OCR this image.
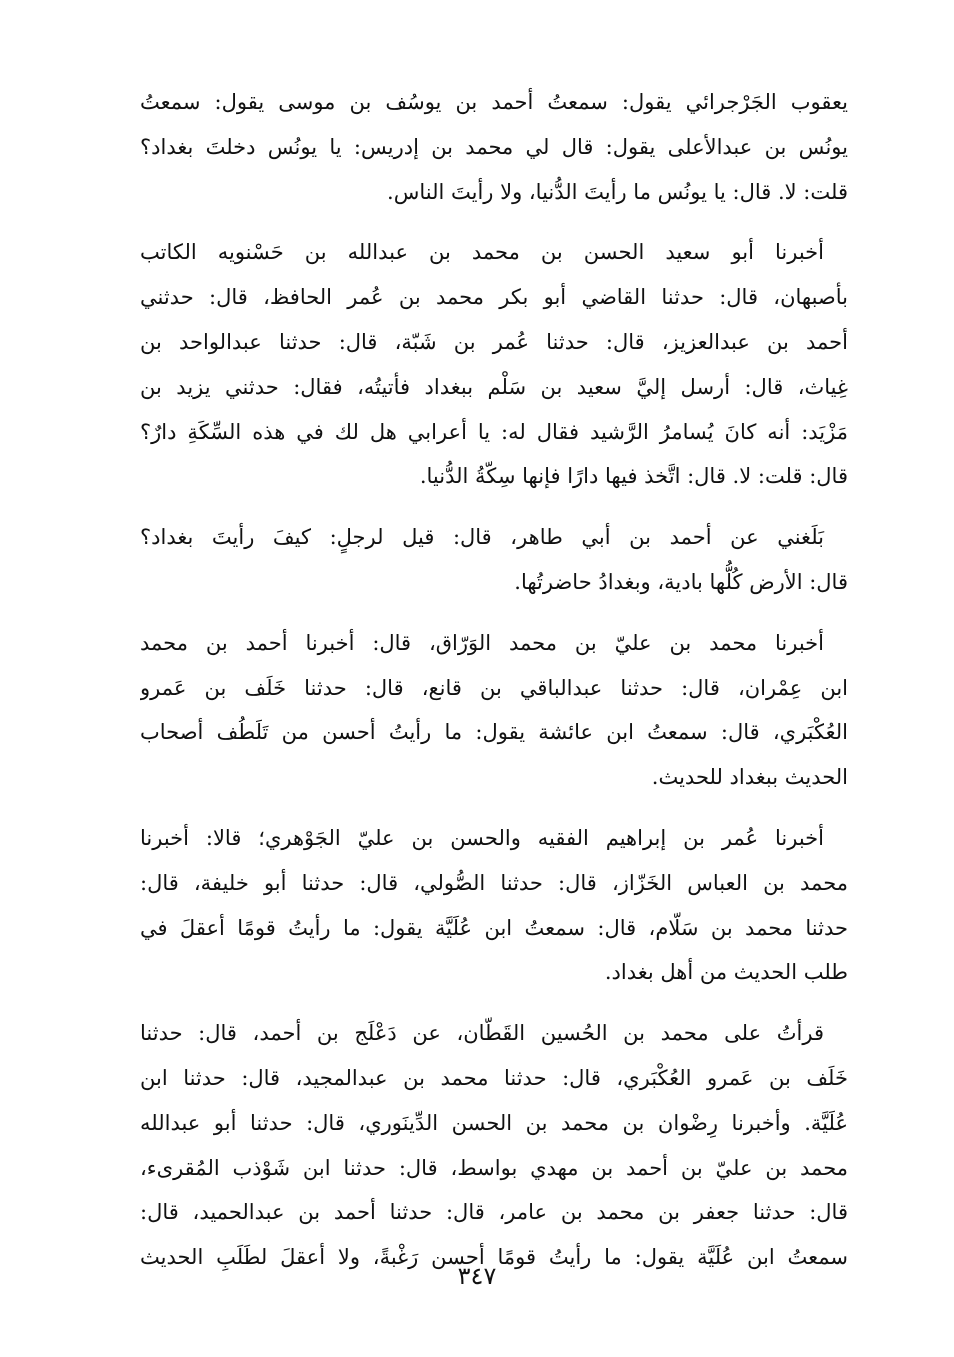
يعقوب الجَرْجرائي يقول: سمعتُ أحمد بن يوسُف بن موسى يقول: سمعتُ
يونُس بن عبدالأعلى يقول: قال لي محمد بن إدريس: يا يونُس دخلتَ بغداد؟
قلت: لا. قال: يا يونُس ما رأيتَ الدُّنيا، ولا رأيتَ الناس.
أخبرنا أبو سعيد الحسن بن محمد بن عبدالله بن حَسْنويه الكاتب
بأصبهان، قال: حدثنا القاضي أبو بكر محمد بن عُمر الحافظ، قال: حدثني
أحمد بن عبدالعزيز، قال: حدثنا عُمر بن شَبّة، قال: حدثنا عبدالواحد بن
غِياث، قال: أرسل إليَّ سعيد بن سَلْم ببغداد فأتيتُه، فقال: حدثني يزيد بن
مَزْيَد: أنه كانَ يُسامرُ الرَّشيد فقال له: يا أعرابي هل لك في هذه السِّكَةِ دارٌ؟
قال: قلت: لا. قال: اتَّخذ فيها دارًا فإنها سِكّةُ الدُّنيا.
بَلَغني عن أحمد بن أبي طاهر، قال: قيل لرجلٍ: كيفَ رأيتَ بغداد؟
قال: الأرض كُلُّها بادية، وبغدادُ حاضرتُها.
أخبرنا محمد بن عليّ بن محمد الوَرّاق، قال: أخبرنا أحمد بن محمد
ابن عِمْران، قال: حدثنا عبدالباقي بن قانع، قال: حدثنا خَلَف بن عَمرو
العُكْبَري، قال: سمعتُ ابن عائشة يقول: ما رأيتُ أحسن من تَلَطُف أصحاب
الحديث ببغداد للحديث.
أخبرنا عُمر بن إبراهيم الفقيه والحسن بن عليّ الجَوْهري؛ قالا: أخبرنا
محمد بن العباس الخَزّاز، قال: حدثنا الصُّولي، قال: حدثنا أبو خليفة، قال:
حدثنا محمد بن سَلّام، قال: سمعتُ ابن عُلَيَّة يقول: ما رأيتُ قومًا أعقلَ في
طلب الحديث من أهل بغداد.
قرأتُ على محمد بن الحُسين القَطّان، عن دَعْلَج بن أحمد، قال: حدثنا
خَلَف بن عَمرو العُكْبَري، قال: حدثنا محمد بن عبدالمجيد، قال: حدثنا ابن
عُلَيَّة. وأخبرنا رِضْوان بن محمد بن الحسن الدِّينَوري، قال: حدثنا أبو عبدالله
محمد بن عليّ بن أحمد بن مهدي بواسط، قال: حدثنا ابن شَوْذب المُقرىء،
قال: حدثنا جعفر بن محمد بن عامر، قال: حدثنا أحمد بن عبدالحميد، قال:
سمعتُ ابن عُلَيَّة يقول: ما رأيتُ قومًا أحسن رَغْبةً، ولا أعقلَ لطَلَبِ الحديث
٣٤٧
